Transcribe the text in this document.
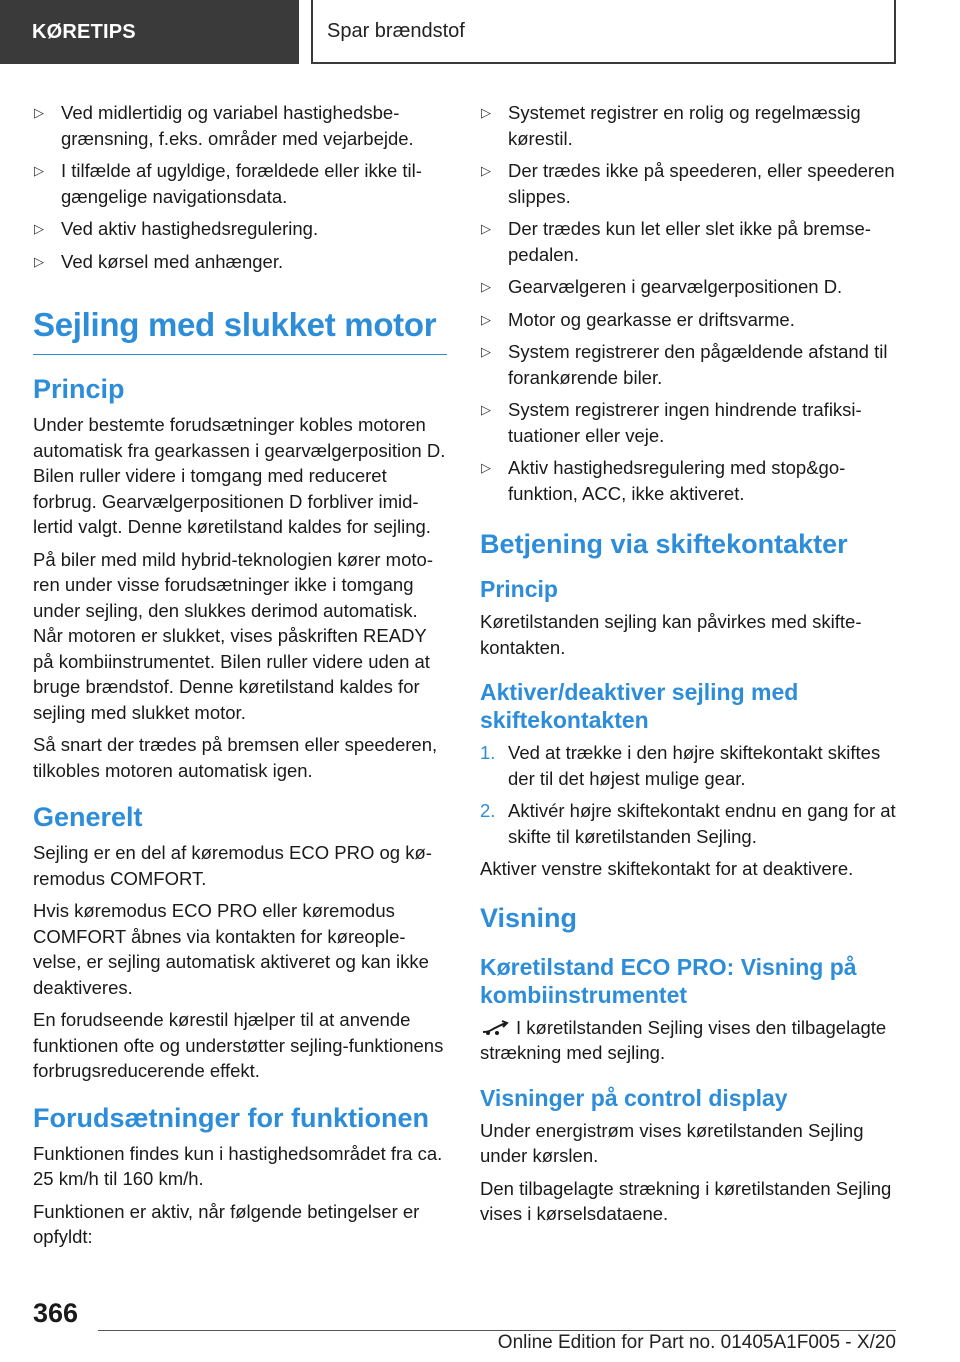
KØRETIPS	Spar brændstof
▷ Ved midlertidig og variabel hastighedsbegrænsning, f.eks. områder med vejarbejde.
▷ I tilfælde af ugyldige, forældede eller ikke tilgængelige navigationsdata.
▷ Ved aktiv hastighedsregulering.
▷ Ved kørsel med anhænger.
Sejling med slukket motor
Princip

Under bestemte forudsætninger kobles motoren automatisk fra gearkassen i gearvælgerposition D. Bilen ruller videre i tomgang med reduceret forbrug. Gearvælgerpositionen D forbliver imidlertid valgt. Denne køretilstand kaldes for sejling.

På biler med mild hybrid-teknologien kører motoren under visse forudsætninger ikke i tomgang under sejling, den slukkes derimod automatisk. Når motoren er slukket, vises påskriften READY på kombiinstrumentet. Bilen ruller videre uden at bruge brændstof. Denne køretilstand kaldes for sejling med slukket motor.

Så snart der trædes på bremsen eller speederen, tilkobles motoren automatisk igen.

Generelt

Sejling er en del af køremodus ECO PRO og køremodus COMFORT.

Hvis køremodus ECO PRO eller køremodus COMFORT åbnes via kontakten for køreoplevelse, er sejling automatisk aktiveret og kan ikke deaktiveres.

En forudseende kørestil hjælper til at anvende funktionen ofte og understøtter sejling-funktionens forbrugsreducerende effekt.

Forudsætninger for funktionen

Funktionen findes kun i hastighedsområdet fra ca. 25 km/h til 160 km/h.

Funktionen er aktiv, når følgende betingelser er opfyldt:

▷ Systemet registrer en rolig og regelmæssig kørestil.
▷ Der trædes ikke på speederen, eller speederen slippes.
▷ Der trædes kun let eller slet ikke på bremsepedalen.
▷ Gearvælgeren i gearvælgerpositionen D.
▷ Motor og gearkasse er driftsvarme.
▷ System registrerer den pågældende afstand til forankørende biler.
▷ System registrerer ingen hindrende trafiksituationer eller veje.
▷ Aktiv hastighedsregulering med stop&go-funktion, ACC, ikke aktiveret.
Betjening via skiftekontakter
Princip

Køretilstanden sejling kan påvirkes med skiftekontakten.

Aktiver/deaktiver sejling med skiftekontakten
1. Ved at trække i den højre skiftekontakt skiftes der til det højest mulige gear.
2. Aktivér højre skiftekontakt endnu en gang for at skifte til køretilstanden Sejling.

Aktiver venstre skiftekontakt for at deaktivere.

Visning
Køretilstand ECO PRO: Visning på kombiinstrumentet

I køretilstanden Sejling vises den tilbagelagte strækning med sejling.

Visninger på control display

Under energistrøm vises køretilstanden Sejling under kørslen.

Den tilbagelagte strækning i køretilstanden Sejling vises i kørselsdataene.

366
Online Edition for Part no. 01405A1F005 - X/20
